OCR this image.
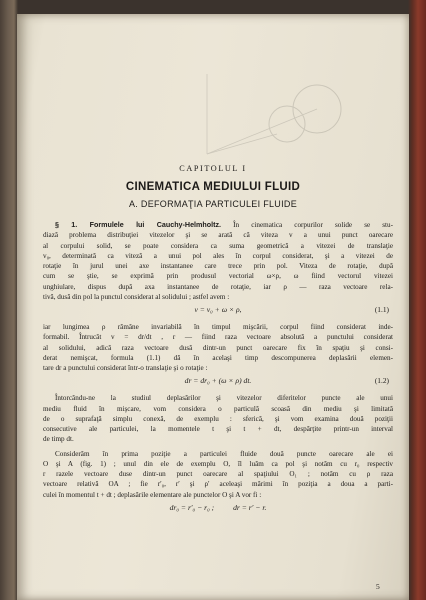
CAPITOLUL I
CINEMATICA MEDIULUI FLUID
A. DEFORMAŢIA PARTICULEI FLUIDE
§ 1. Formulele lui Cauchy-Helmholtz. În cinematica corpurilor solide se stu-
diază problema distribuţiei vitezelor şi se arată că viteza v a unui punct oarecare
al corpului solid, se poate considera ca suma geometrică a vitezei de translaţie
v₀, determinată ca viteză a unui pol ales în corpul considerat, şi a vitezei de
rotaţie în jurul unei axe instantanee care trece prin pol. Viteza de rotaţie, după
cum se ştie, se exprimă prin produsul vectorial ω×ρ, ω fiind vectorul vitezei
unghiulare, dispus după axa instantanee de rotaţie, iar ρ — raza vectoare rela-
tivă, dusă din pol la punctul considerat al solidului ; astfel avem :
v = v₀ + ω × ρ,	(1.1)
iar lungimea ρ rămâne invariabilă în timpul mişcării, corpul fiind considerat inde-
formabil. Întrucât v = dr/dt , r — fiind raza vectoare absolută a punctului considerat
al solidului, adică raza vectoare dusă dintr-un punct oarecare fix în spaţiu şi consi-
derat nemişcat, formula (1.1) dă în acelaşi timp descompunerea deplasării elemen-
tare dr a punctului considerat într-o translaţie şi o rotaţie :
dr = dr₀ + (ω × ρ) dt.	(1.2)
Întorcându-ne la studiul deplasărilor şi vitezelor diferitelor puncte ale unui
mediu fluid în mişcare, vom considera o particulă scoasă din mediu şi limitată
de o suprafaţă simplu conexă, de exemplu : sferică, şi vom examina două poziţii
consecutive ale particulei, la momentele t şi t + dt, despărţite printr-un interval
de timp dt.
Considerăm în prima poziţie a particulei fluide două puncte oarecare ale ei
O şi A (fig. 1) ; unul din ele de exemplu O, îl luăm ca pol şi notăm cu r₀ respectiv
r razele vectoare duse dintr-un punct oarecare al spaţiului O₁ ; notăm cu ρ raza
vectoare relativă OA ; fie r′₀, r′ şi ρ′ aceleaşi mărimi în poziţia a doua a parti-
culei în momentul t + dt ; deplasările elementare ale punctelor O şi A vor fi :
dr₀ = r′₀ − r₀ ;          dr = r′ − r.
5
